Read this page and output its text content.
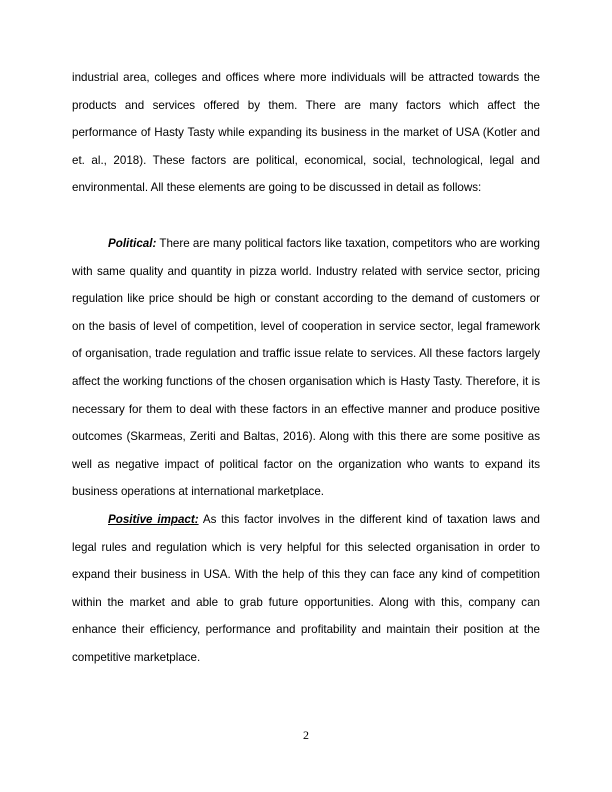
industrial area, colleges and offices where more individuals will be attracted towards the products and services offered by them. There are many factors which affect the performance of Hasty Tasty while expanding its business in the market of USA (Kotler and et. al., 2018). These factors are political, economical, social, technological, legal and environmental. All these elements are going to be discussed in detail as follows:
Political: There are many political factors like taxation, competitors who are working with same quality and quantity in pizza world. Industry related with service sector, pricing regulation like price should be high or constant according to the demand of customers or on the basis of level of competition, level of cooperation in service sector, legal framework of organisation, trade regulation and traffic issue relate to services. All these factors largely affect the working functions of the chosen organisation which is Hasty Tasty. Therefore, it is necessary for them to deal with these factors in an effective manner and produce positive outcomes (Skarmeas, Zeriti and Baltas, 2016). Along with this there are some positive as well as negative impact of political factor on the organization who wants to expand its business operations at international marketplace.
Positive impact: As this factor involves in the different kind of taxation laws and legal rules and regulation which is very helpful for this selected organisation in order to expand their business in USA. With the help of this they can face any kind of competition within the market and able to grab future opportunities. Along with this, company can enhance their efficiency, performance and profitability and maintain their position at the competitive marketplace.
2
